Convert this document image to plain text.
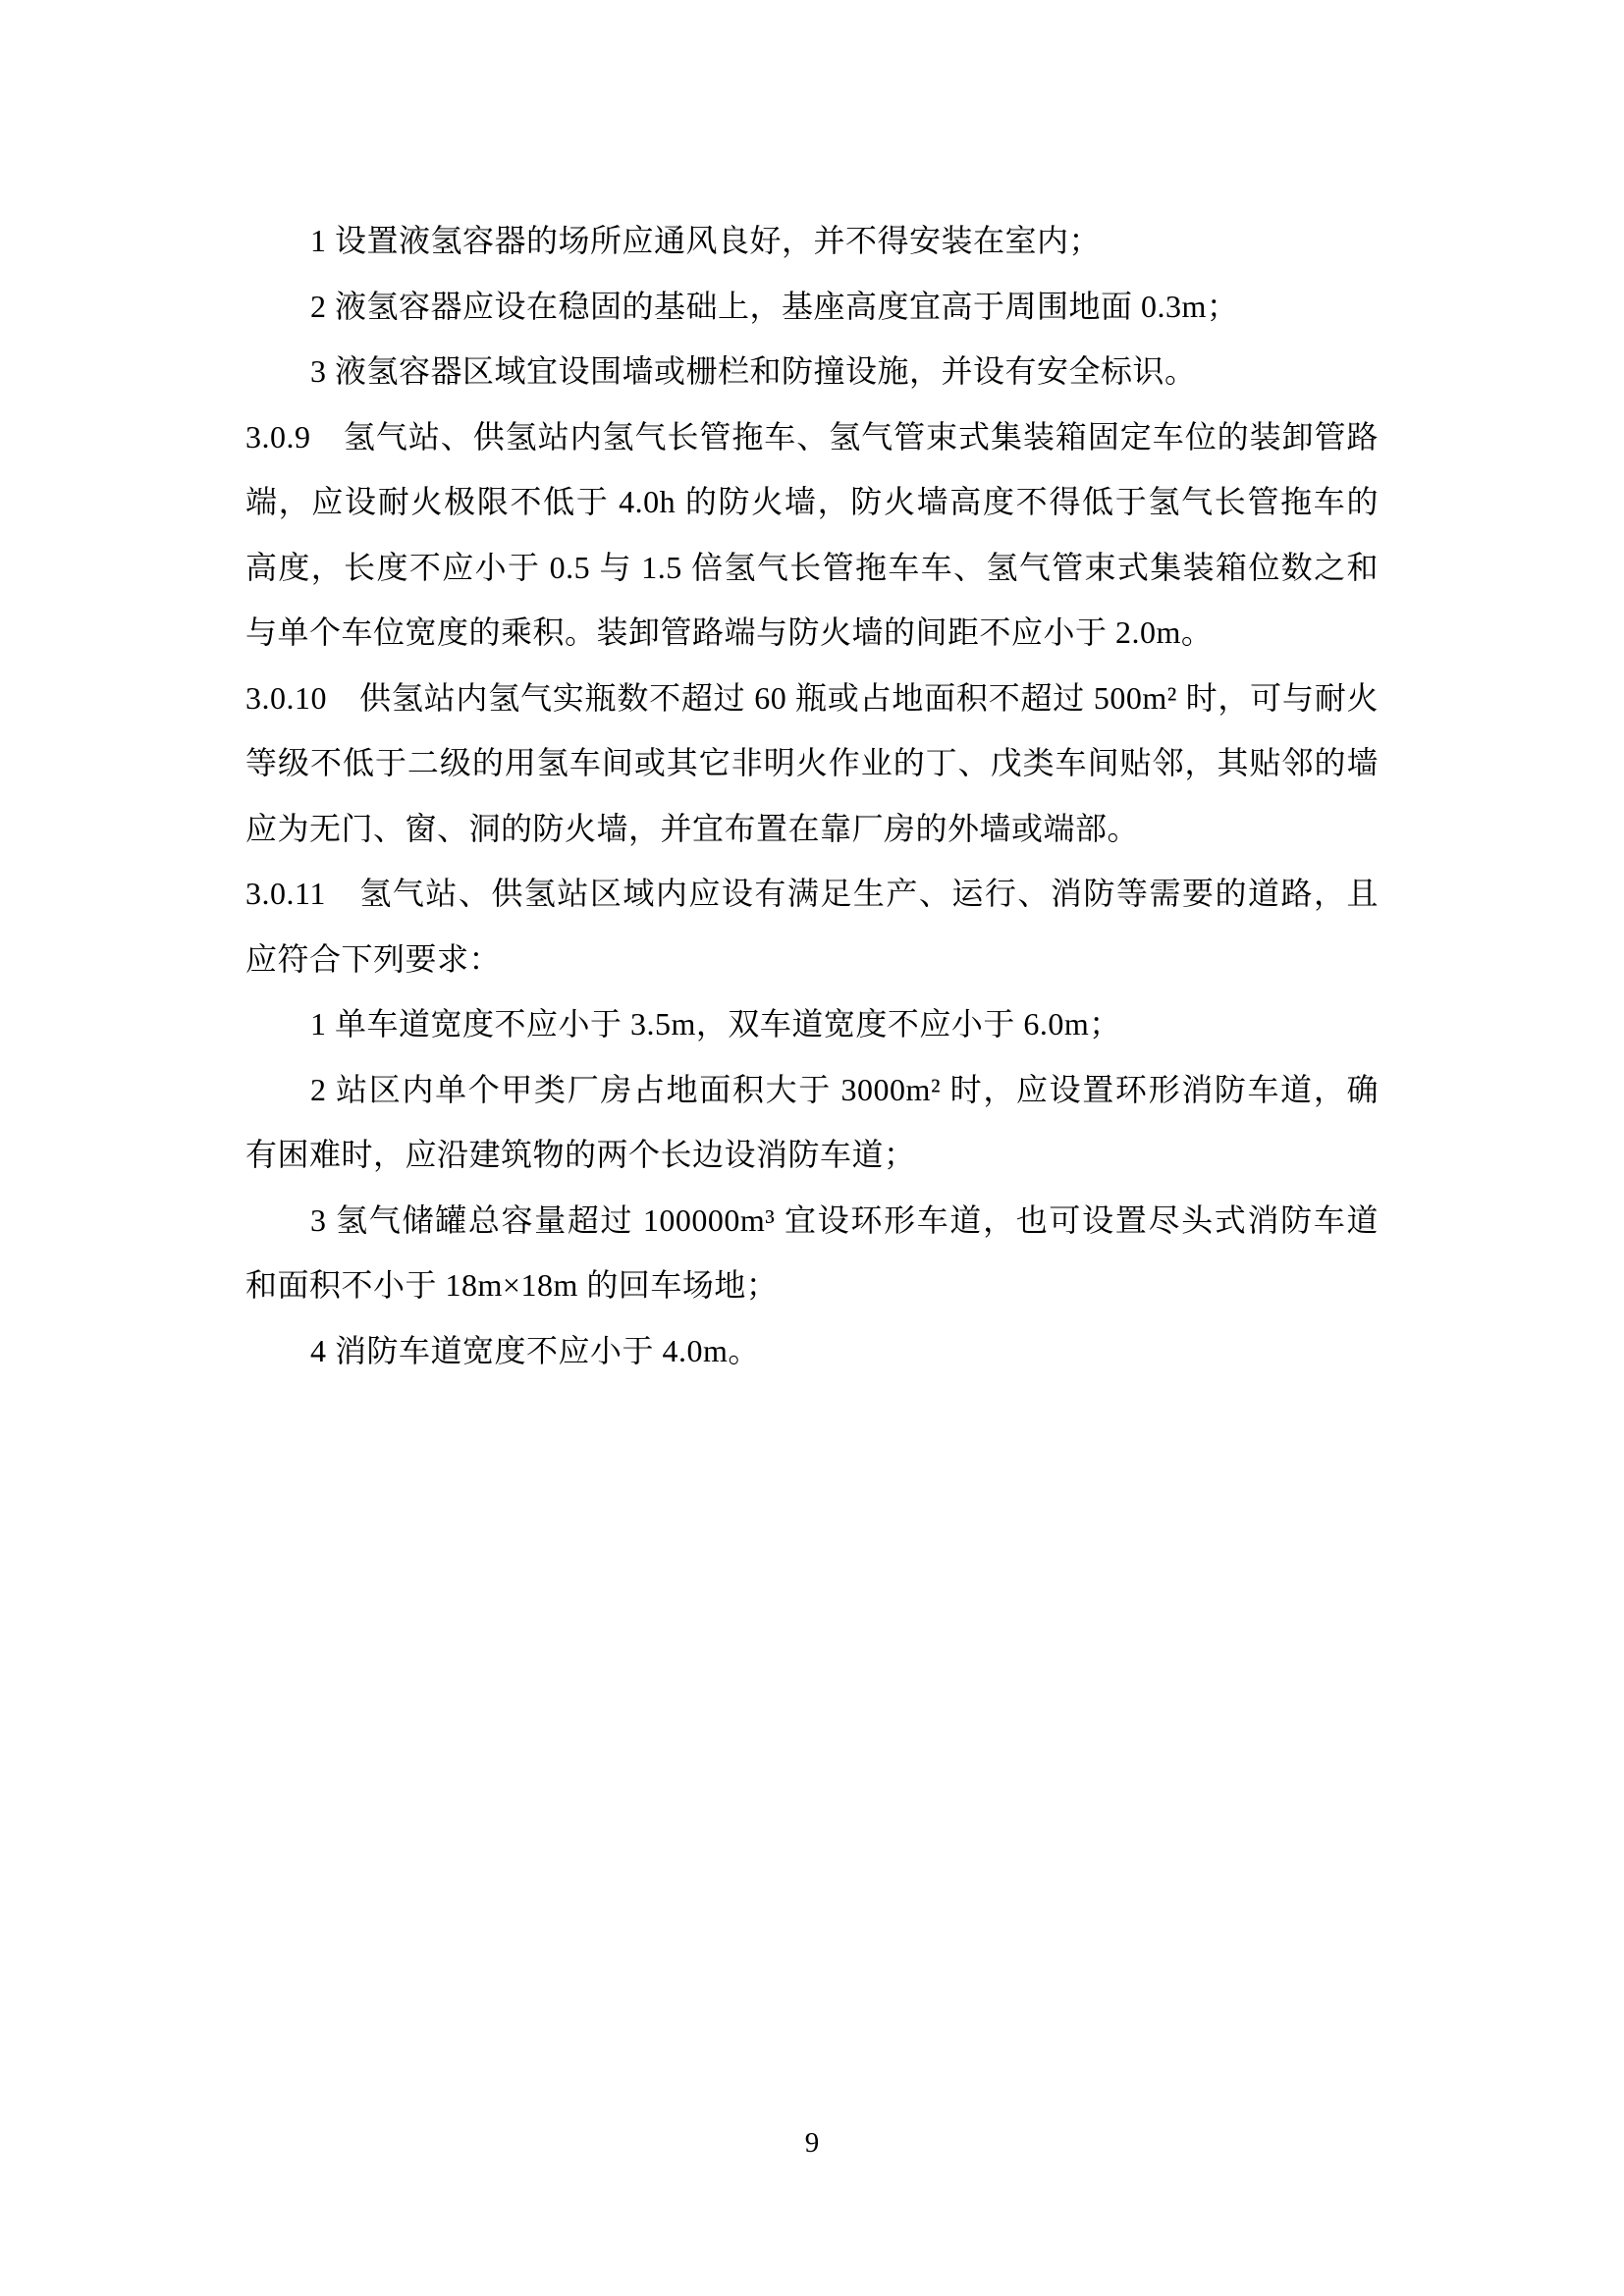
1 设置液氢容器的场所应通风良好，并不得安装在室内；
2 液氢容器应设在稳固的基础上，基座高度宜高于周围地面 0.3m；
3 液氢容器区域宜设围墙或栅栏和防撞设施，并设有安全标识。
3.0.9　氢气站、供氢站内氢气长管拖车、氢气管束式集装箱固定车位的装卸管路
端，应设耐火极限不低于 4.0h 的防火墙，防火墙高度不得低于氢气长管拖车的
高度，长度不应小于 0.5 与 1.5 倍氢气长管拖车车、氢气管束式集装箱位数之和
与单个车位宽度的乘积。装卸管路端与防火墙的间距不应小于 2.0m。
3.0.10　供氢站内氢气实瓶数不超过 60 瓶或占地面积不超过 500m² 时，可与耐火
等级不低于二级的用氢车间或其它非明火作业的丁、戊类车间贴邻，其贴邻的墙
应为无门、窗、洞的防火墙，并宜布置在靠厂房的外墙或端部。
3.0.11　氢气站、供氢站区域内应设有满足生产、运行、消防等需要的道路，且
应符合下列要求：
1 单车道宽度不应小于 3.5m，双车道宽度不应小于 6.0m；
2 站区内单个甲类厂房占地面积大于 3000m² 时，应设置环形消防车道，确
有困难时，应沿建筑物的两个长边设消防车道；
3 氢气储罐总容量超过 100000m³ 宜设环形车道，也可设置尽头式消防车道
和面积不小于 18m×18m 的回车场地；
4 消防车道宽度不应小于 4.0m。
9
